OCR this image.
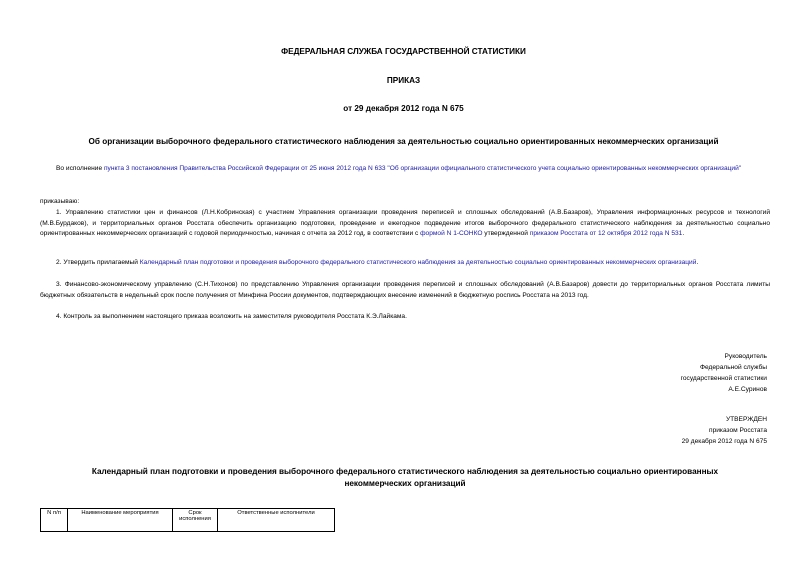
ФЕДЕРАЛЬНАЯ СЛУЖБА ГОСУДАРСТВЕННОЙ СТАТИСТИКИ
ПРИКАЗ
от 29 декабря 2012 года N 675
Об организации выборочного федерального статистического наблюдения за деятельностью социально ориентированных некоммерческих организаций
Во исполнение пункта 3 постановления Правительства Российской Федерации от 25 июня 2012 года N 633 "Об организации официального статистического учета социально ориентированных некоммерческих организаций"
приказываю:
1. Управлению статистики цен и финансов (Л.Н.Кобринская) с участием Управления организации проведения переписей и сплошных обследований (А.В.Базаров), Управления информационных ресурсов и технологий (М.В.Бурдаков), и территориальных органов Росстата обеспечить организацию подготовки, проведение и ежегодное подведение итогов выборочного федерального статистического наблюдения за деятельностью социально ориентированных некоммерческих организаций с годовой периодичностью, начиная с отчета за 2012 год, в соответствии с формой N 1-СОНКО утвержденной приказом Росстата от 12 октября 2012 года N 531.
2. Утвердить прилагаемый Календарный план подготовки и проведения выборочного федерального статистического наблюдения за деятельностью социально ориентированных некоммерческих организаций.
3. Финансово-экономическому управлению (С.Н.Тихонов) по представлению Управления организации проведения переписей и сплошных обследований (А.В.Базаров) довести до территориальных органов Росстата лимиты бюджетных обязательств в недельный срок после получения от Минфина России документов, подтверждающих внесение изменений в бюджетную роспись Росстата на 2013 год.
4. Контроль за выполнением настоящего приказа возложить на заместителя руководителя Росстата К.Э.Лайкама.
Руководитель
Федеральной службы
государственной статистики
А.Е.Суринов
УТВЕРЖДЕН
приказом Росстата
29 декабря 2012 года N 675
Календарный план подготовки и проведения выборочного федерального статистического наблюдения за деятельностью социально ориентированных некоммерческих организаций
N п/п	Наименование мероприятия	Срок исполнения	Ответственные исполнители
